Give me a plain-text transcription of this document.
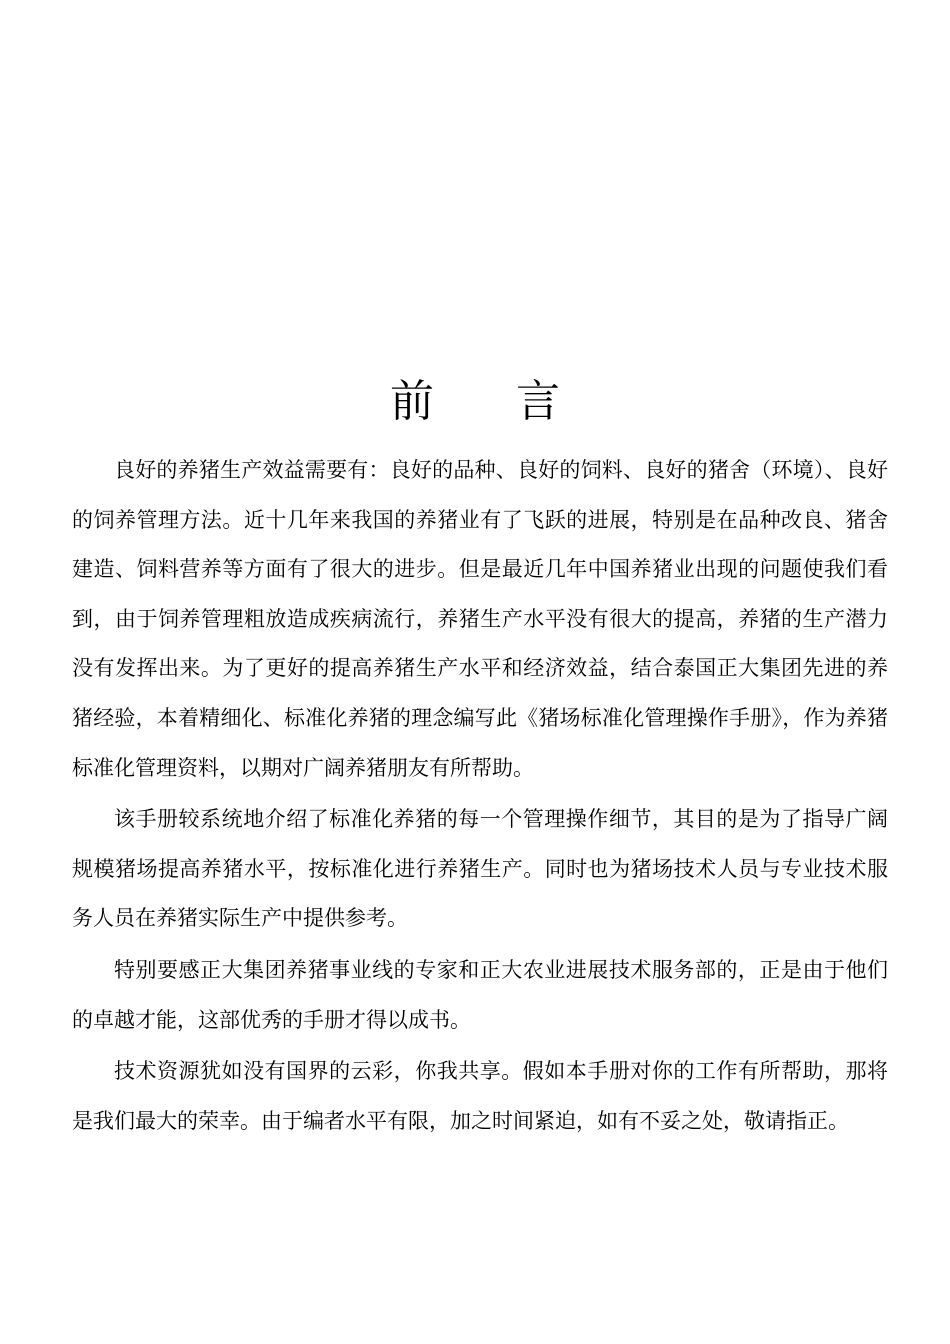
前 言

良好的养猪生产效益需要有：良好的品种、良好的饲料、良好的猪舍（环境）、良好的饲养管理方法。近十几年来我国的养猪业有了飞跃的进展，特别是在品种改良、猪舍建造、饲料营养等方面有了很大的进步。但是最近几年中国养猪业出现的问题使我们看到，由于饲养管理粗放造成疾病流行，养猪生产水平没有很大的提高，养猪的生产潜力没有发挥出来。为了更好的提高养猪生产水平和经济效益，结合泰国正大集团先进的养猪经验，本着精细化、标准化养猪的理念编写此《猪场标准化管理操作手册》，作为养猪标准化管理资料，以期对广阔养猪朋友有所帮助。

该手册较系统地介绍了标准化养猪的每一个管理操作细节，其目的是为了指导广阔规模猪场提高养猪水平，按标准化进行养猪生产。同时也为猪场技术人员与专业技术服务人员在养猪实际生产中提供参考。

特别要感正大集团养猪事业线的专家和正大农业进展技术服务部的，正是由于他们的卓越才能，这部优秀的手册才得以成书。

技术资源犹如没有国界的云彩，你我共享。假如本手册对你的工作有所帮助，那将是我们最大的荣幸。由于编者水平有限，加之时间紧迫，如有不妥之处，敬请指正。
